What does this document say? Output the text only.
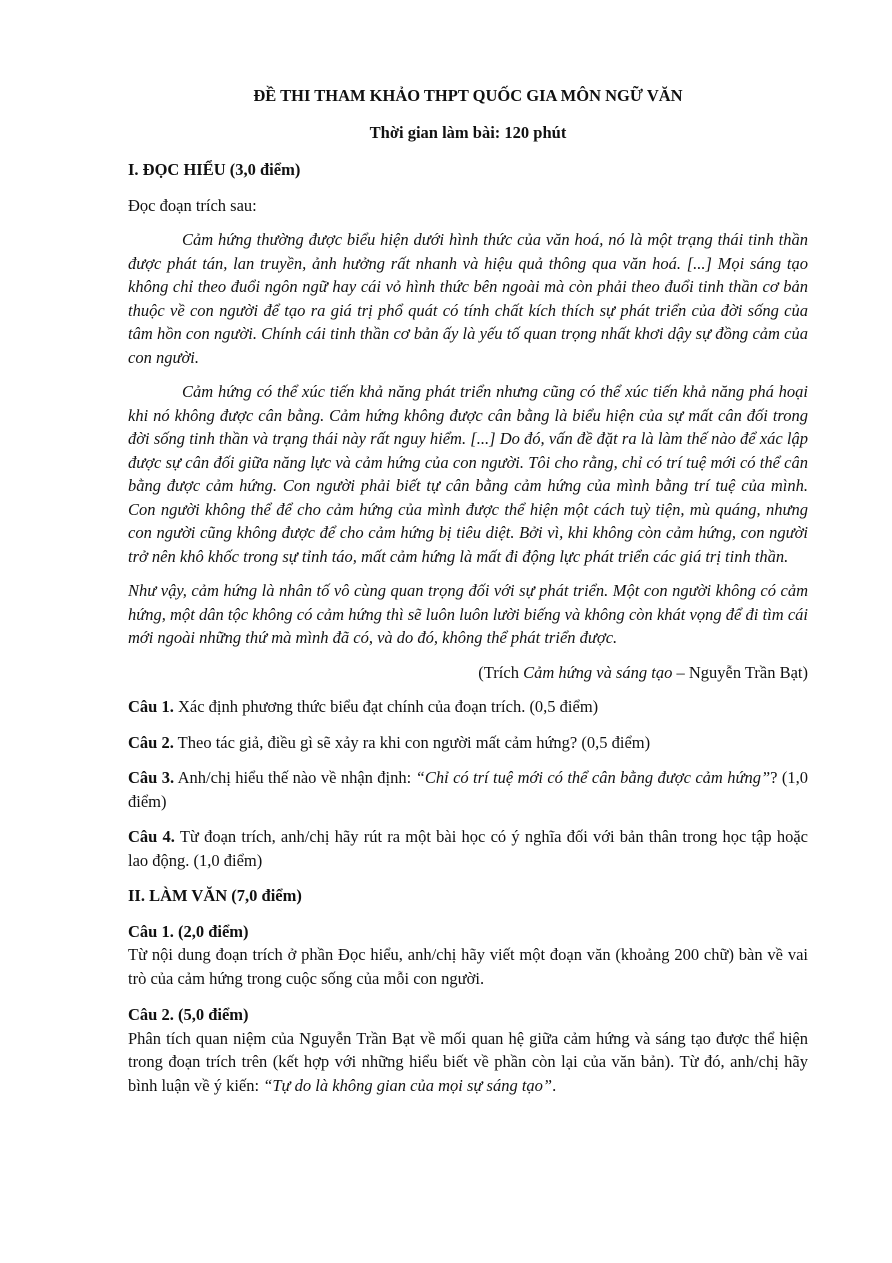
ĐỀ THI THAM KHẢO THPT QUỐC GIA MÔN NGỮ VĂN
Thời gian làm bài: 120 phút
I. ĐỌC HIỂU (3,0 điểm)
Đọc đoạn trích sau:
Cảm hứng thường được biểu hiện dưới hình thức của văn hoá, nó là một trạng thái tinh thần được phát tán, lan truyền, ảnh hưởng rất nhanh và hiệu quả thông qua văn hoá. [...] Mọi sáng tạo không chỉ theo đuổi ngôn ngữ hay cái vỏ hình thức bên ngoài mà còn phải theo đuổi tinh thần cơ bản thuộc về con người để tạo ra giá trị phổ quát có tính chất kích thích sự phát triển của đời sống của tâm hồn con người. Chính cái tinh thần cơ bản ấy là yếu tố quan trọng nhất khơi dậy sự đồng cảm của con người.
Cảm hứng có thể xúc tiến khả năng phát triển nhưng cũng có thể xúc tiến khả năng phá hoại khi nó không được cân bằng. Cảm hứng không được cân bằng là biểu hiện của sự mất cân đối trong đời sống tinh thần và trạng thái này rất nguy hiểm. [...] Do đó, vấn đề đặt ra là làm thế nào để xác lập được sự cân đối giữa năng lực và cảm hứng của con người. Tôi cho rằng, chỉ có trí tuệ mới có thể cân bằng được cảm hứng. Con người phải biết tự cân bằng cảm hứng của mình bằng trí tuệ của mình. Con người không thể để cho cảm hứng của mình được thể hiện một cách tuỳ tiện, mù quáng, nhưng con người cũng không được để cho cảm hứng bị tiêu diệt. Bởi vì, khi không còn cảm hứng, con người trở nên khô khốc trong sự tỉnh táo, mất cảm hứng là mất đi động lực phát triển các giá trị tinh thần.
Như vậy, cảm hứng là nhân tố vô cùng quan trọng đối với sự phát triển. Một con người không có cảm hứng, một dân tộc không có cảm hứng thì sẽ luôn luôn lười biếng và không còn khát vọng để đi tìm cái mới ngoài những thứ mà mình đã có, và do đó, không thể phát triển được.
(Trích Cảm hứng và sáng tạo – Nguyễn Trần Bạt)
Câu 1. Xác định phương thức biểu đạt chính của đoạn trích. (0,5 điểm)
Câu 2. Theo tác giả, điều gì sẽ xảy ra khi con người mất cảm hứng? (0,5 điểm)
Câu 3. Anh/chị hiểu thế nào về nhận định: “Chỉ có trí tuệ mới có thể cân bằng được cảm hứng”? (1,0 điểm)
Câu 4. Từ đoạn trích, anh/chị hãy rút ra một bài học có ý nghĩa đối với bản thân trong học tập hoặc lao động. (1,0 điểm)
II. LÀM VĂN (7,0 điểm)
Câu 1. (2,0 điểm)
Từ nội dung đoạn trích ở phần Đọc hiểu, anh/chị hãy viết một đoạn văn (khoảng 200 chữ) bàn về vai trò của cảm hứng trong cuộc sống của mỗi con người.
Câu 2. (5,0 điểm)
Phân tích quan niệm của Nguyễn Trần Bạt về mối quan hệ giữa cảm hứng và sáng tạo được thể hiện trong đoạn trích trên (kết hợp với những hiểu biết về phần còn lại của văn bản). Từ đó, anh/chị hãy bình luận về ý kiến: “Tự do là không gian của mọi sự sáng tạo”.
